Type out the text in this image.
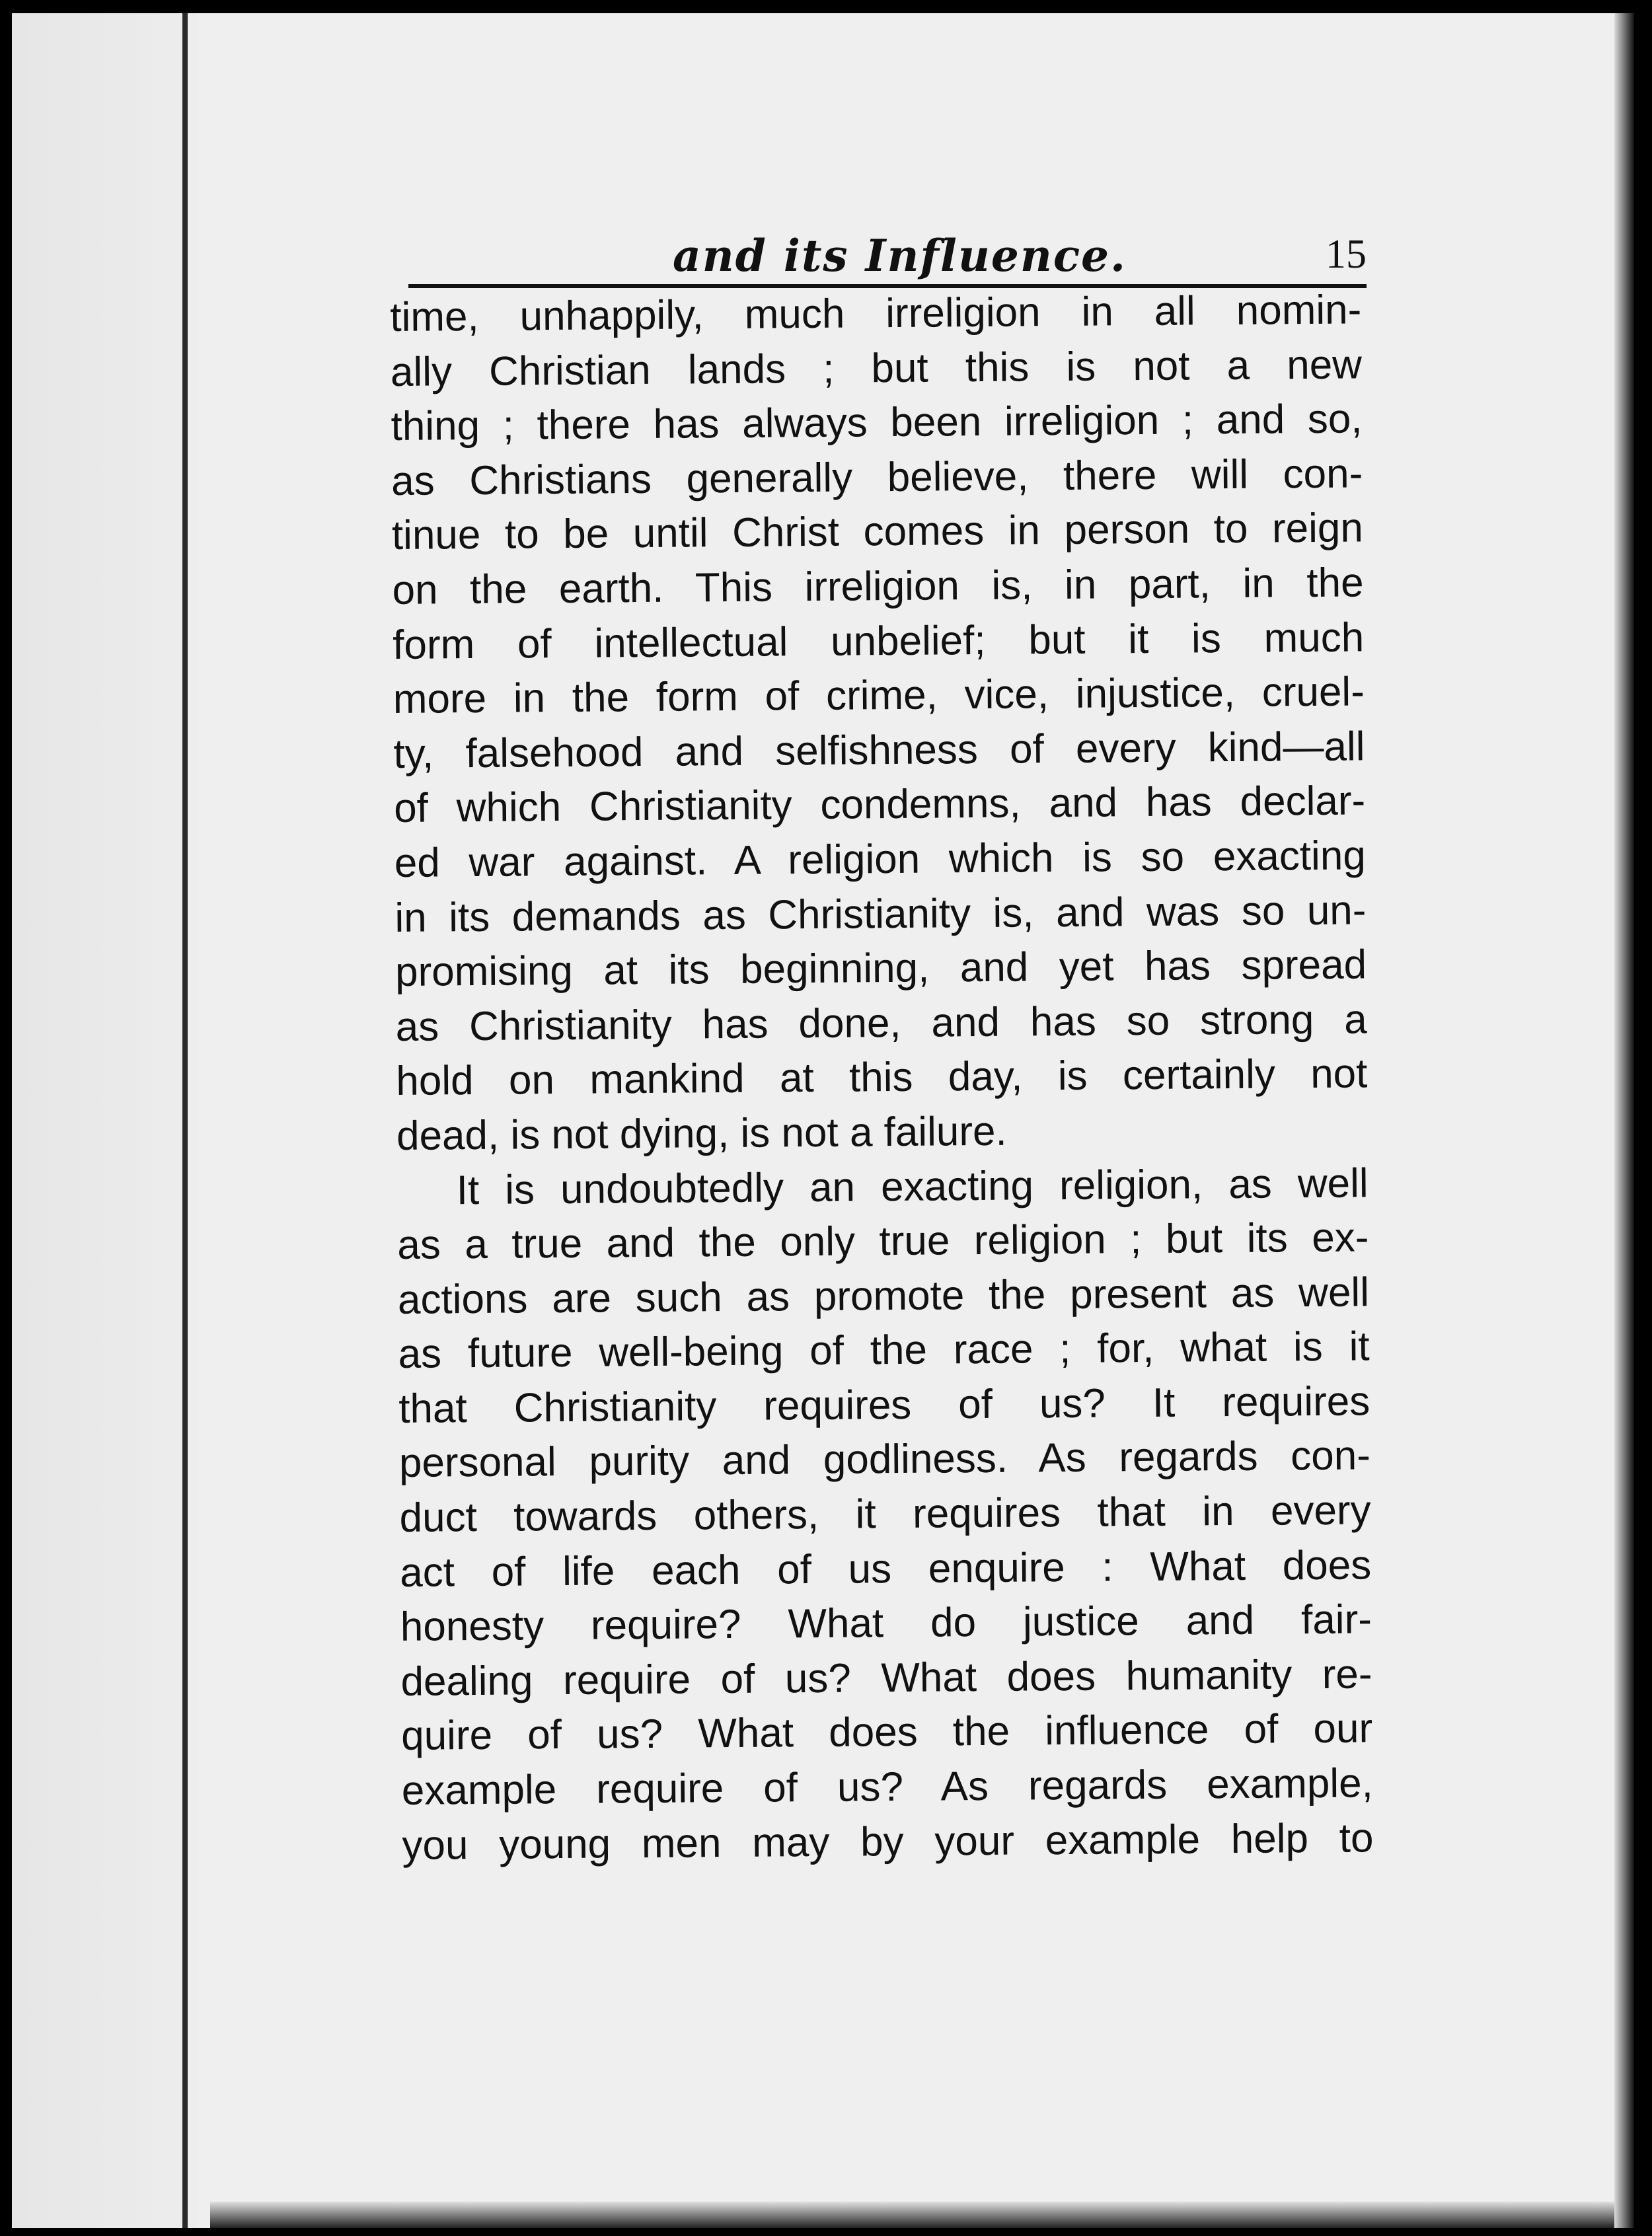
and its Influence.	15
time, unhappily, much irreligion in all nomin-
ally Christian lands ; but this is not a new
thing ; there has always been irreligion ; and so,
as Christians generally believe, there will con-
tinue to be until Christ comes in person to reign
on the earth. This irreligion is, in part, in the
form of intellectual unbelief; but it is much
more in the form of crime, vice, injustice, cruel-
ty, falsehood and selfishness of every kind—all
of which Christianity condemns, and has declar-
ed war against. A religion which is so exacting
in its demands as Christianity is, and was so un-
promising at its beginning, and yet has spread
as Christianity has done, and has so strong a
hold on mankind at this day, is certainly not
dead, is not dying, is not a failure.
It is undoubtedly an exacting religion, as well
as a true and the only true religion ; but its ex-
actions are such as promote the present as well
as future well-being of the race ; for, what is it
that Christianity requires of us? It requires
personal purity and godliness. As regards con-
duct towards others, it requires that in every
act of life each of us enquire : What does
honesty require? What do justice and fair-
dealing require of us? What does humanity re-
quire of us? What does the influence of our
example require of us? As regards example,
you young men may by your example help to
